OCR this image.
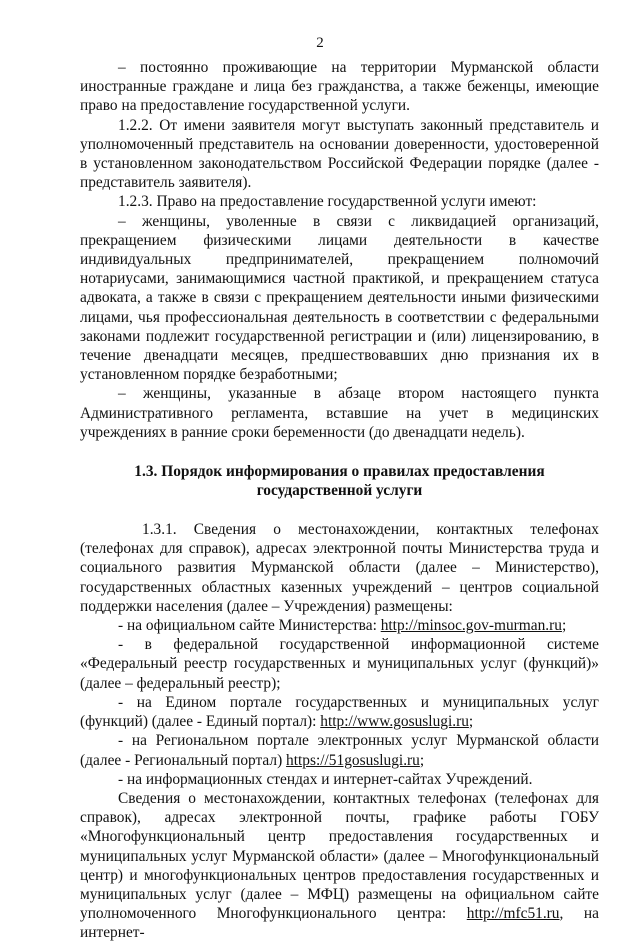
2

– постоянно проживающие на территории Мурманской области иностранные граждане и лица без гражданства, а также беженцы, имеющие право на предоставление государственной услуги.

1.2.2. От имени заявителя могут выступать законный представитель и уполномоченный представитель на основании доверенности, удостоверенной в установленном законодательством Российской Федерации порядке (далее - представитель заявителя).

1.2.3. Право на предоставление государственной услуги имеют:

– женщины, уволенные в связи с ликвидацией организаций, прекращением физическими лицами деятельности в качестве индивидуальных предпринимателей, прекращением полномочий нотариусами, занимающимися частной практикой, и прекращением статуса адвоката, а также в связи с прекращением деятельности иными физическими лицами, чья профессиональная деятельность в соответствии с федеральными законами подлежит государственной регистрации и (или) лицензированию, в течение двенадцати месяцев, предшествовавших дню признания их в установленном порядке безработными;

– женщины, указанные в абзаце втором настоящего пункта Административного регламента, вставшие на учет в медицинских учреждениях в ранние сроки беременности (до двенадцати недель).

1.3. Порядок информирования о правилах предоставления государственной услуги

1.3.1. Сведения о местонахождении, контактных телефонах (телефонах для справок), адресах электронной почты Министерства труда и социального развития Мурманской области (далее – Министерство), государственных областных казенных учреждений – центров социальной поддержки населения (далее – Учреждения) размещены:

- на официальном сайте Министерства: http://minsoc.gov-murman.ru;

- в федеральной государственной информационной системе «Федеральный реестр государственных и муниципальных услуг (функций)» (далее – федеральный реестр);

- на Едином портале государственных и муниципальных услуг (функций) (далее - Единый портал): http://www.gosuslugi.ru;

- на Региональном портале электронных услуг Мурманской области (далее - Региональный портал) https://51gosuslugi.ru;

- на информационных стендах и интернет-сайтах Учреждений.

Сведения о местонахождении, контактных телефонах (телефонах для справок), адресах электронной почты, графике работы ГОБУ «Многофункциональный центр предоставления государственных и муниципальных услуг Мурманской области» (далее – Многофункциональный центр) и многофункциональных центров предоставления государственных и муниципальных услуг (далее – МФЦ) размещены на официальном сайте уполномоченного Многофункционального центра: http://mfc51.ru, на интернет-
